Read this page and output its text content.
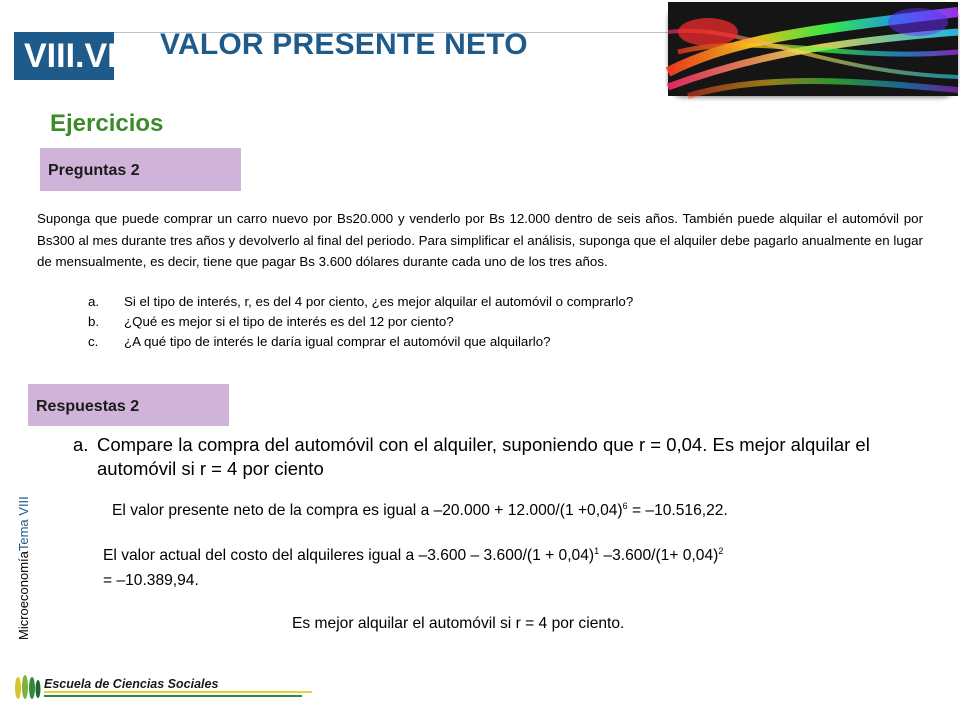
VIII.VII VALOR PRESENTE NETO
Ejercicios
Preguntas 2
Suponga que puede comprar un carro nuevo por Bs20.000 y venderlo por Bs 12.000 dentro de seis años. También puede alquilar el automóvil por Bs300 al mes durante tres años y devolverlo al final del periodo. Para simplificar el análisis, suponga que el alquiler debe pagarlo anualmente en lugar de mensualmente, es decir, tiene que pagar Bs 3.600 dólares durante cada uno de los tres años.
a.	Si el tipo de interés, r, es del 4 por ciento, ¿es mejor alquilar el automóvil o comprarlo?
b.	¿Qué es mejor si el tipo de interés es del 12 por ciento?
c.	¿A qué tipo de interés le daría igual comprar el automóvil que alquilarlo?
Respuestas 2
a. Compare la compra del automóvil con el alquiler, suponiendo que r = 0,04. Es mejor alquilar el automóvil si r = 4 por ciento
El valor presente neto de la compra es igual a $-20.000 + 12.000/(1 +0,04)^6 = -10.516,22$.
El valor actual del costo del alquileres igual a $-3.600 - 3.600/(1 + 0,04)^1$ $-3.600/(1+ 0,04)^2$
= –10.389,94.
Es mejor alquilar el automóvil si r = 4 por ciento.
MicroeconomíaTema VIII
Escuela de Ciencias Sociales
